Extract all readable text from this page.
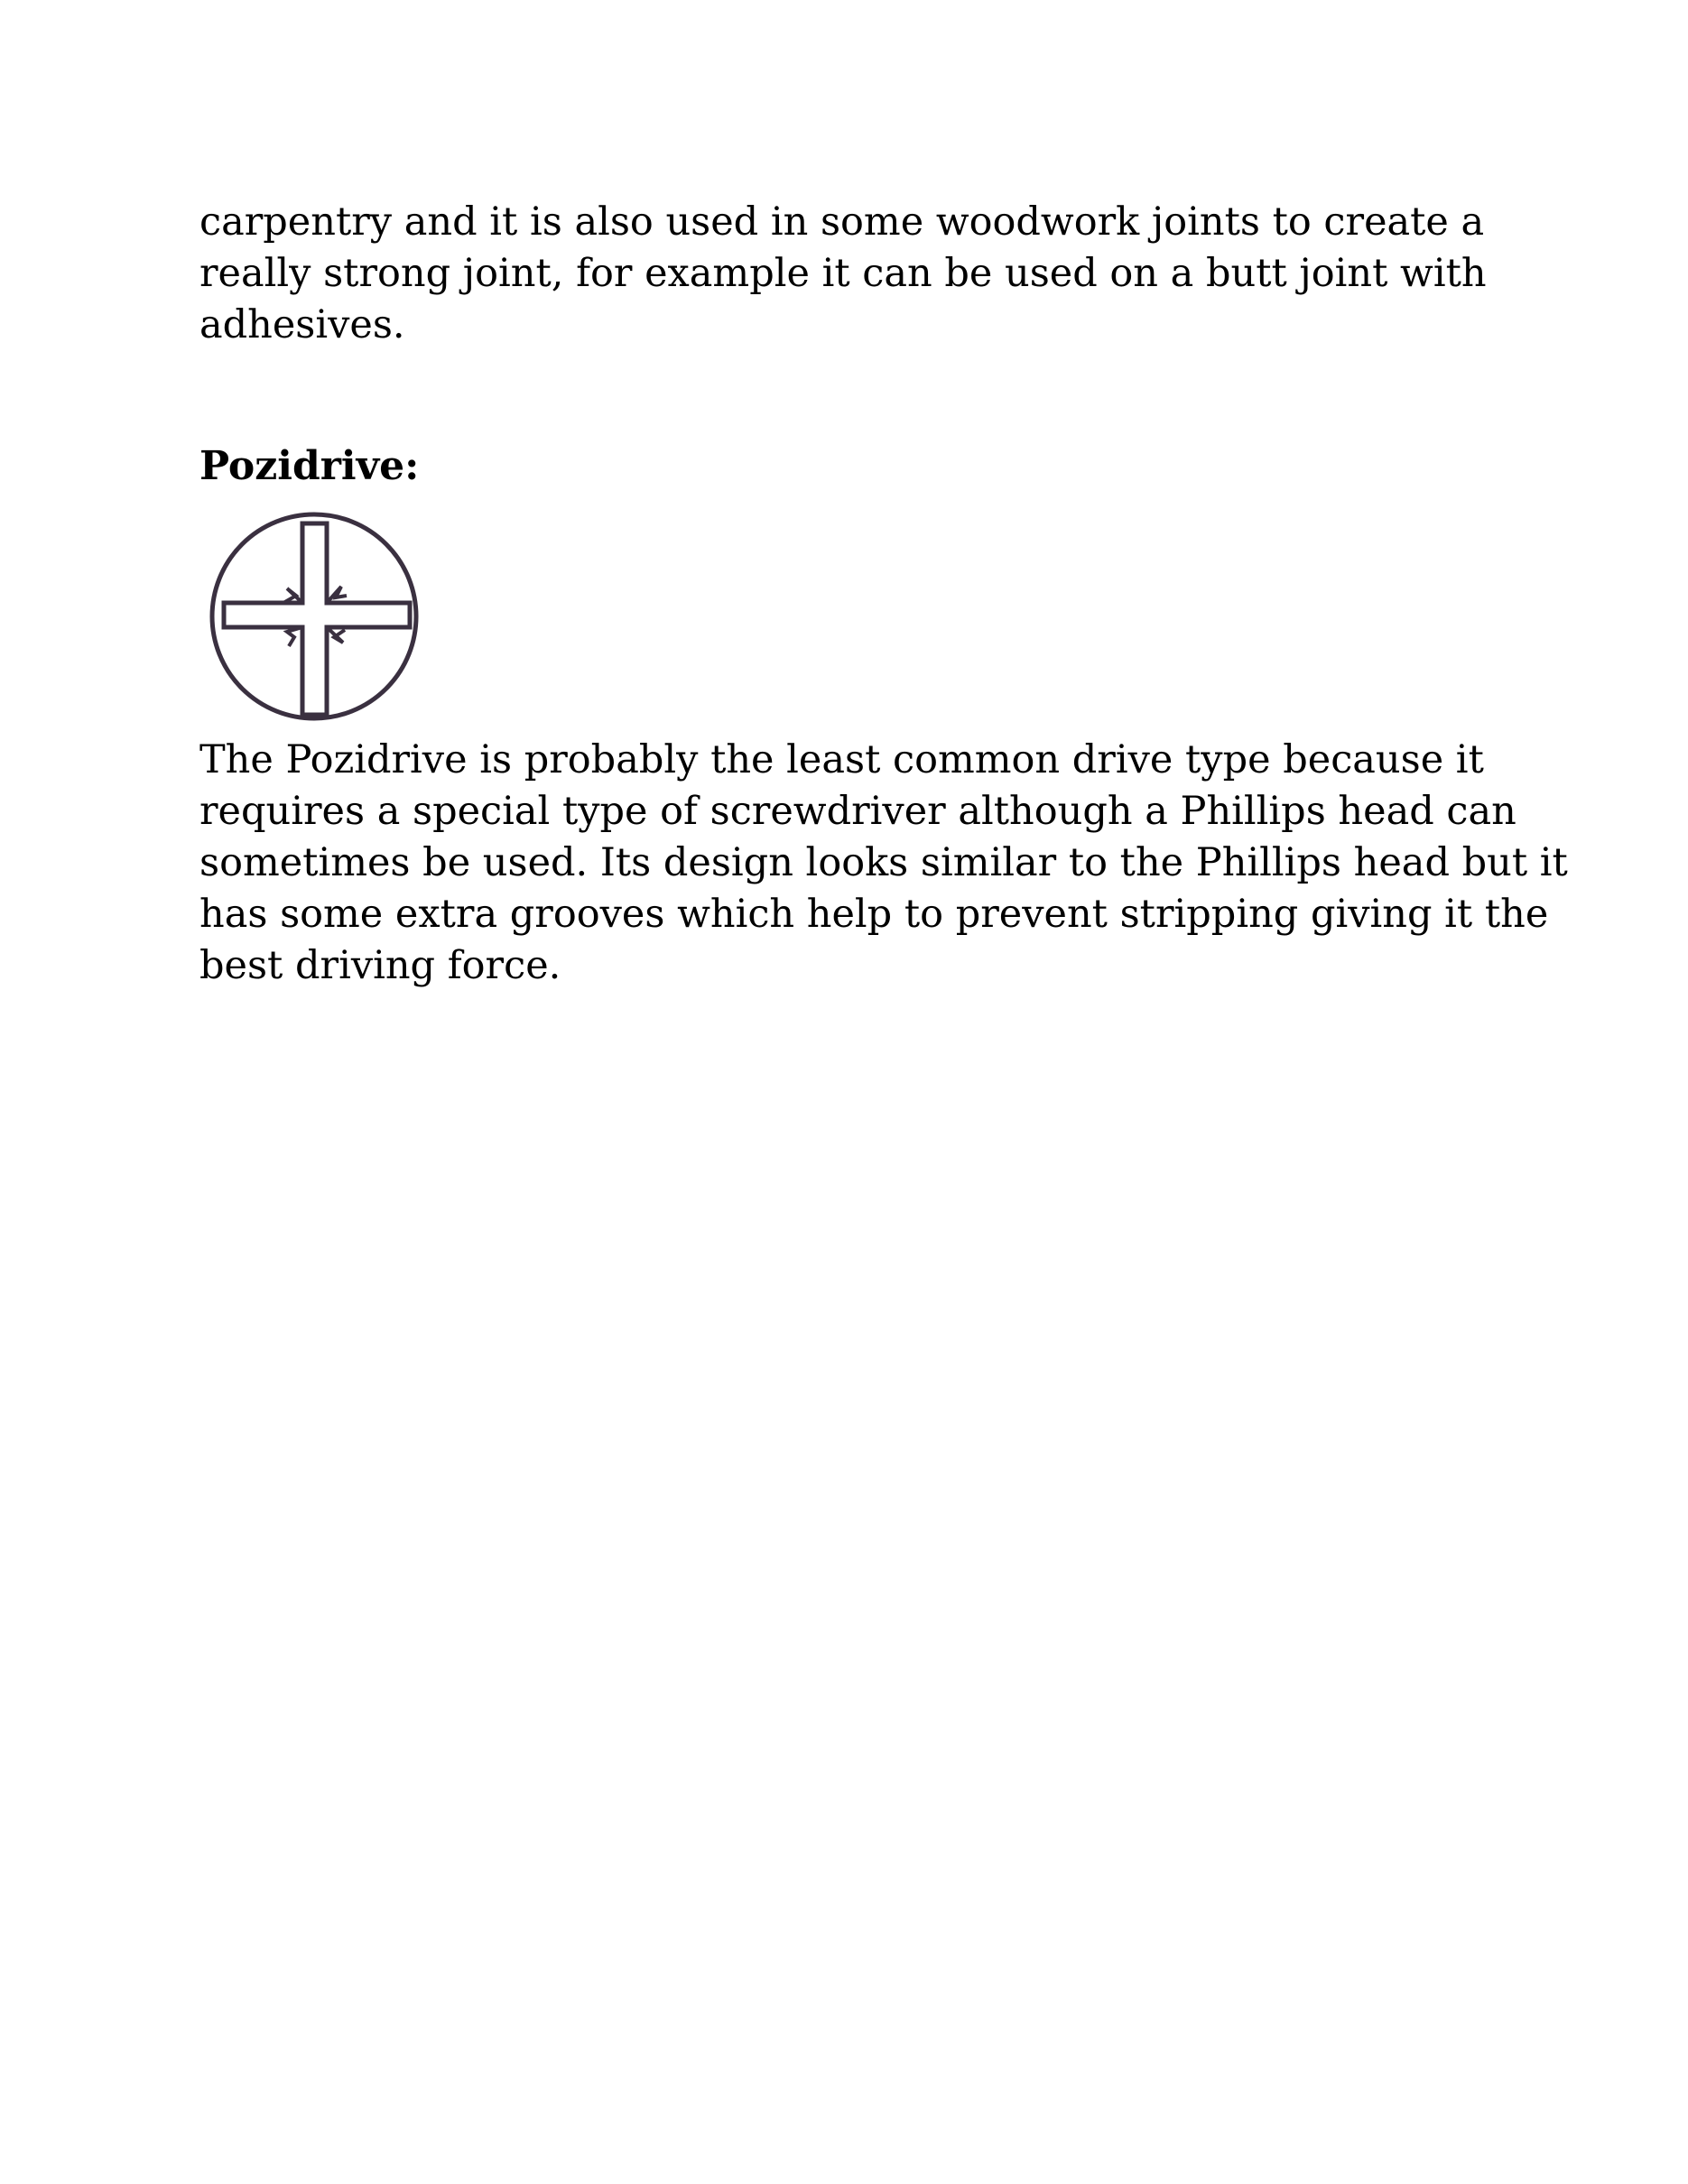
carpentry and it is also used in some woodwork joints to create a
really strong joint, for example it can be used on a butt joint with
adhesives.
Pozidrive:
The Pozidrive is probably the least common drive type because it
requires a special type of screwdriver although a Phillips head can
sometimes be used. Its design looks similar to the Phillips head but it
has some extra grooves which help to prevent stripping giving it the
best driving force.
